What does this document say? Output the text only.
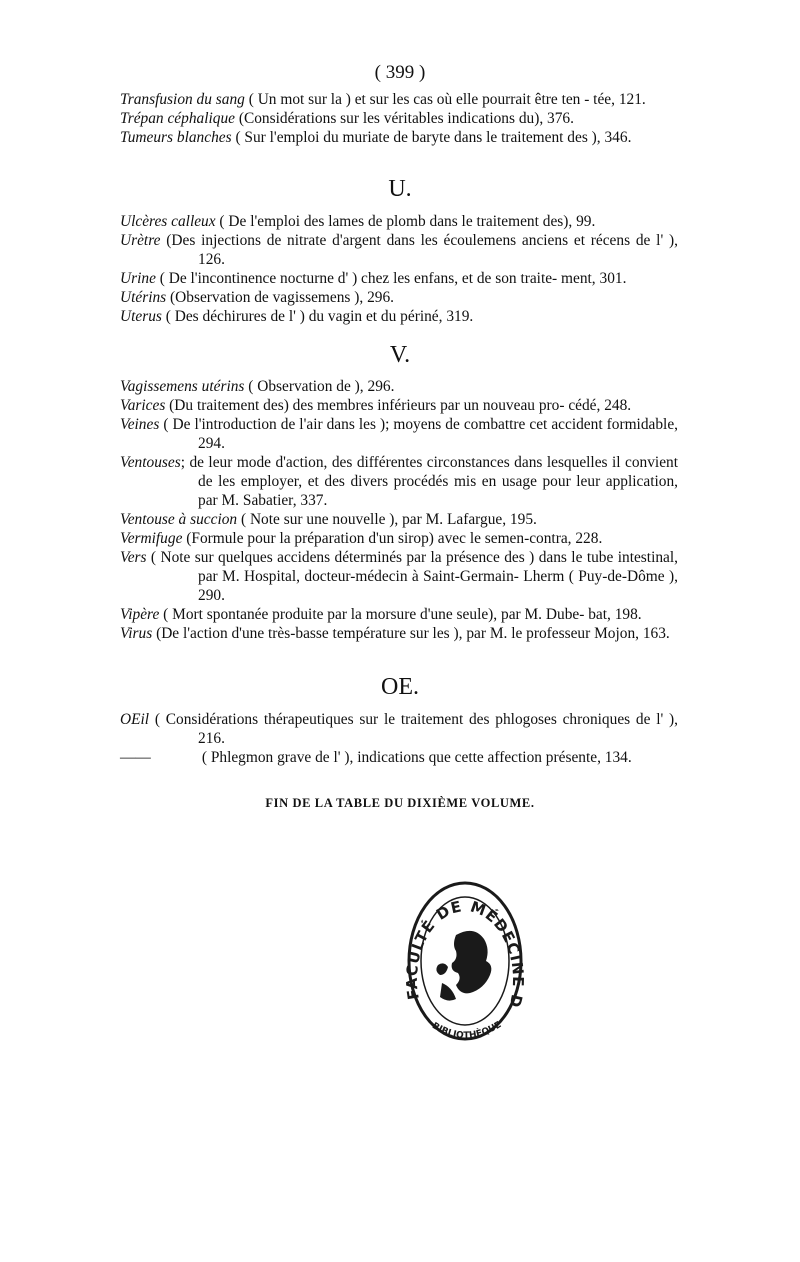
( 399 )

Transfusion du sang ( Un mot sur la ) et sur les cas où elle pourrait être ten - tée, 121.

Trépan céphalique (Considérations sur les véritables indications du), 376.

Tumeurs blanches ( Sur l'emploi du muriate de baryte dans le traitement des ), 346.

U.

Ulcères calleux ( De l'emploi des lames de plomb dans le traitement des), 99.

Urètre (Des injections de nitrate d'argent dans les écoulemens anciens et récens de l' ), 126.

Urine ( De l'incontinence nocturne d' ) chez les enfans, et de son traite- ment, 301.

Utérins (Observation de vagissemens ), 296.

Uterus ( Des déchirures de l' ) du vagin et du périné, 319.

V.

Vagissemens utérins ( Observation de ), 296.

Varices (Du traitement des) des membres inférieurs par un nouveau pro- cédé, 248.

Veines ( De l'introduction de l'air dans les ); moyens de combattre cet accident formidable, 294.

Ventouses; de leur mode d'action, des différentes circonstances dans lesquelles il convient de les employer, et des divers procédés mis en usage pour leur application, par M. Sabatier, 337.

Ventouse à succion ( Note sur une nouvelle ), par M. Lafargue, 195.

Vermifuge (Formule pour la préparation d'un sirop) avec le semen-contra, 228.

Vers ( Note sur quelques accidens déterminés par la présence des ) dans le tube intestinal, par M. Hospital, docteur-médecin à Saint-Germain- Lherm ( Puy-de-Dôme ), 290.

Vipère ( Mort spontanée produite par la morsure d'une seule), par M. Dube- bat, 198.

Virus (De l'action d'une très-basse température sur les ), par M. le professeur Mojon, 163.

OE.

OEil ( Considérations thérapeutiques sur le traitement des phlogoses chroniques de l' ), 216.

——	( Phlegmon grave de l' ), indications que cette affection présente, 134.

FIN DE LA TABLE DU DIXIÈME VOLUME.
FACULTÉ DE MÉDECINE D
BIBLIOTHÈQUE
